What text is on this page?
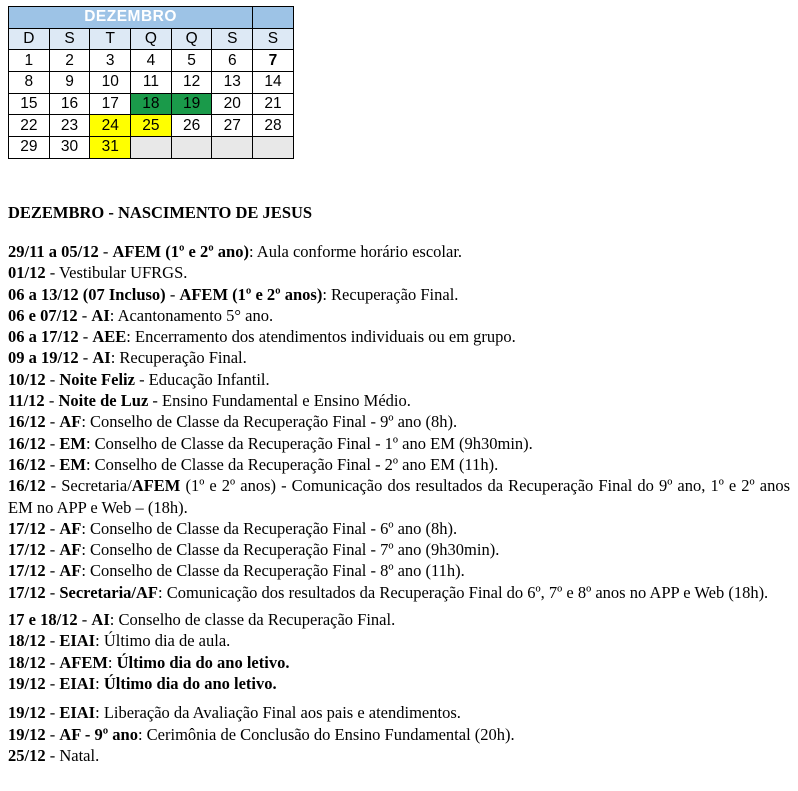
DEZEMBRO						
D	S	T	Q	Q	S	S
1	2	3	4	5	6	7
8	9	10	11	12	13	14
15	16	17	18	19	20	21
22	23	24	25	26	27	28
29	30	31				

DEZEMBRO - NASCIMENTO DE JESUS

29/11 a 05/12 - AFEM (1º e 2º ano): Aula conforme horário escolar.

01/12 - Vestibular UFRGS.

06 a 13/12 (07 Incluso) - AFEM (1º e 2º anos): Recuperação Final.

06 e 07/12 - AI: Acantonamento 5° ano.

06 a 17/12 - AEE: Encerramento dos atendimentos individuais ou em grupo.

09 a 19/12 - AI: Recuperação Final.

10/12 - Noite Feliz - Educação Infantil.

11/12 - Noite de Luz - Ensino Fundamental e Ensino Médio.

16/12 - AF: Conselho de Classe da Recuperação Final - 9º ano (8h).

16/12 - EM: Conselho de Classe da Recuperação Final - 1º ano EM (9h30min).

16/12 - EM: Conselho de Classe da Recuperação Final - 2º ano EM (11h).

16/12 - Secretaria/AFEM (1º e 2º anos) - Comunicação dos resultados da Recuperação Final do 9º ano, 1º e 2º anos EM no APP e Web – (18h).

17/12 - AF: Conselho de Classe da Recuperação Final - 6º ano (8h).

17/12 - AF: Conselho de Classe da Recuperação Final - 7º ano (9h30min).

17/12 - AF: Conselho de Classe da Recuperação Final - 8º ano (11h).

17/12 - Secretaria/AF: Comunicação dos resultados da Recuperação Final do 6º, 7º e 8º anos no APP e Web (18h).

17 e 18/12 - AI: Conselho de classe da Recuperação Final.

18/12 - EIAI: Último dia de aula.

18/12 - AFEM: Último dia do ano letivo.

19/12 - EIAI: Último dia do ano letivo.

19/12 - EIAI: Liberação da Avaliação Final aos pais e atendimentos.

19/12 - AF - 9º ano: Cerimônia de Conclusão do Ensino Fundamental (20h).

25/12 - Natal.
